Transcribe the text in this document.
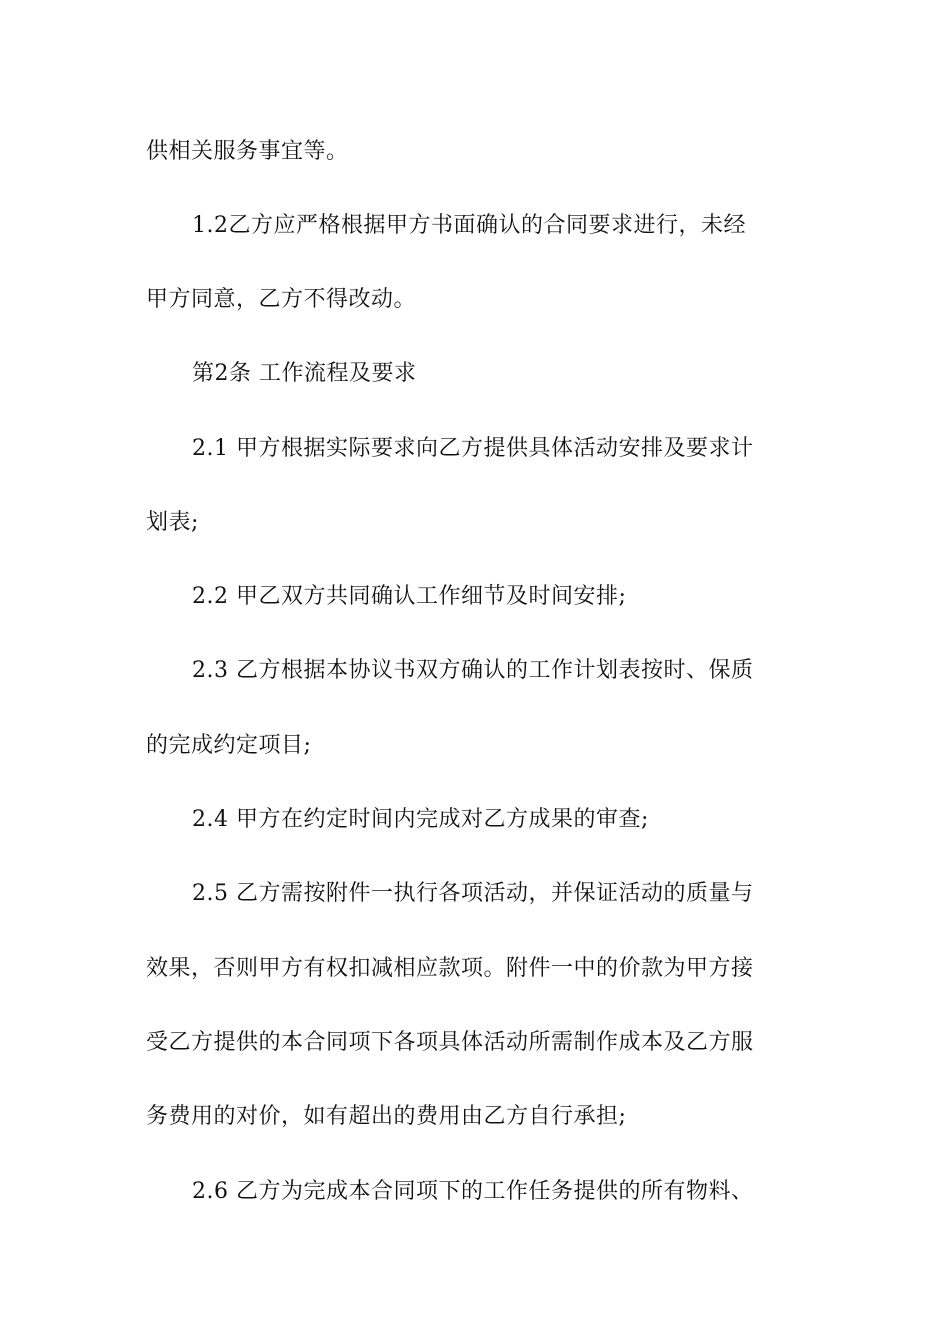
供相关服务事宜等。
1.2乙方应严格根据甲方书面确认的合同要求进行，未经
甲方同意，乙方不得改动。
第2条 工作流程及要求
2.1 甲方根据实际要求向乙方提供具体活动安排及要求计
划表;
2.2 甲乙双方共同确认工作细节及时间安排;
2.3 乙方根据本协议书双方确认的工作计划表按时、保质
的完成约定项目;
2.4 甲方在约定时间内完成对乙方成果的审查;
2.5 乙方需按附件一执行各项活动，并保证活动的质量与
效果，否则甲方有权扣减相应款项。附件一中的价款为甲方接
受乙方提供的本合同项下各项具体活动所需制作成本及乙方服
务费用的对价，如有超出的费用由乙方自行承担;
2.6 乙方为完成本合同项下的工作任务提供的所有物料、
